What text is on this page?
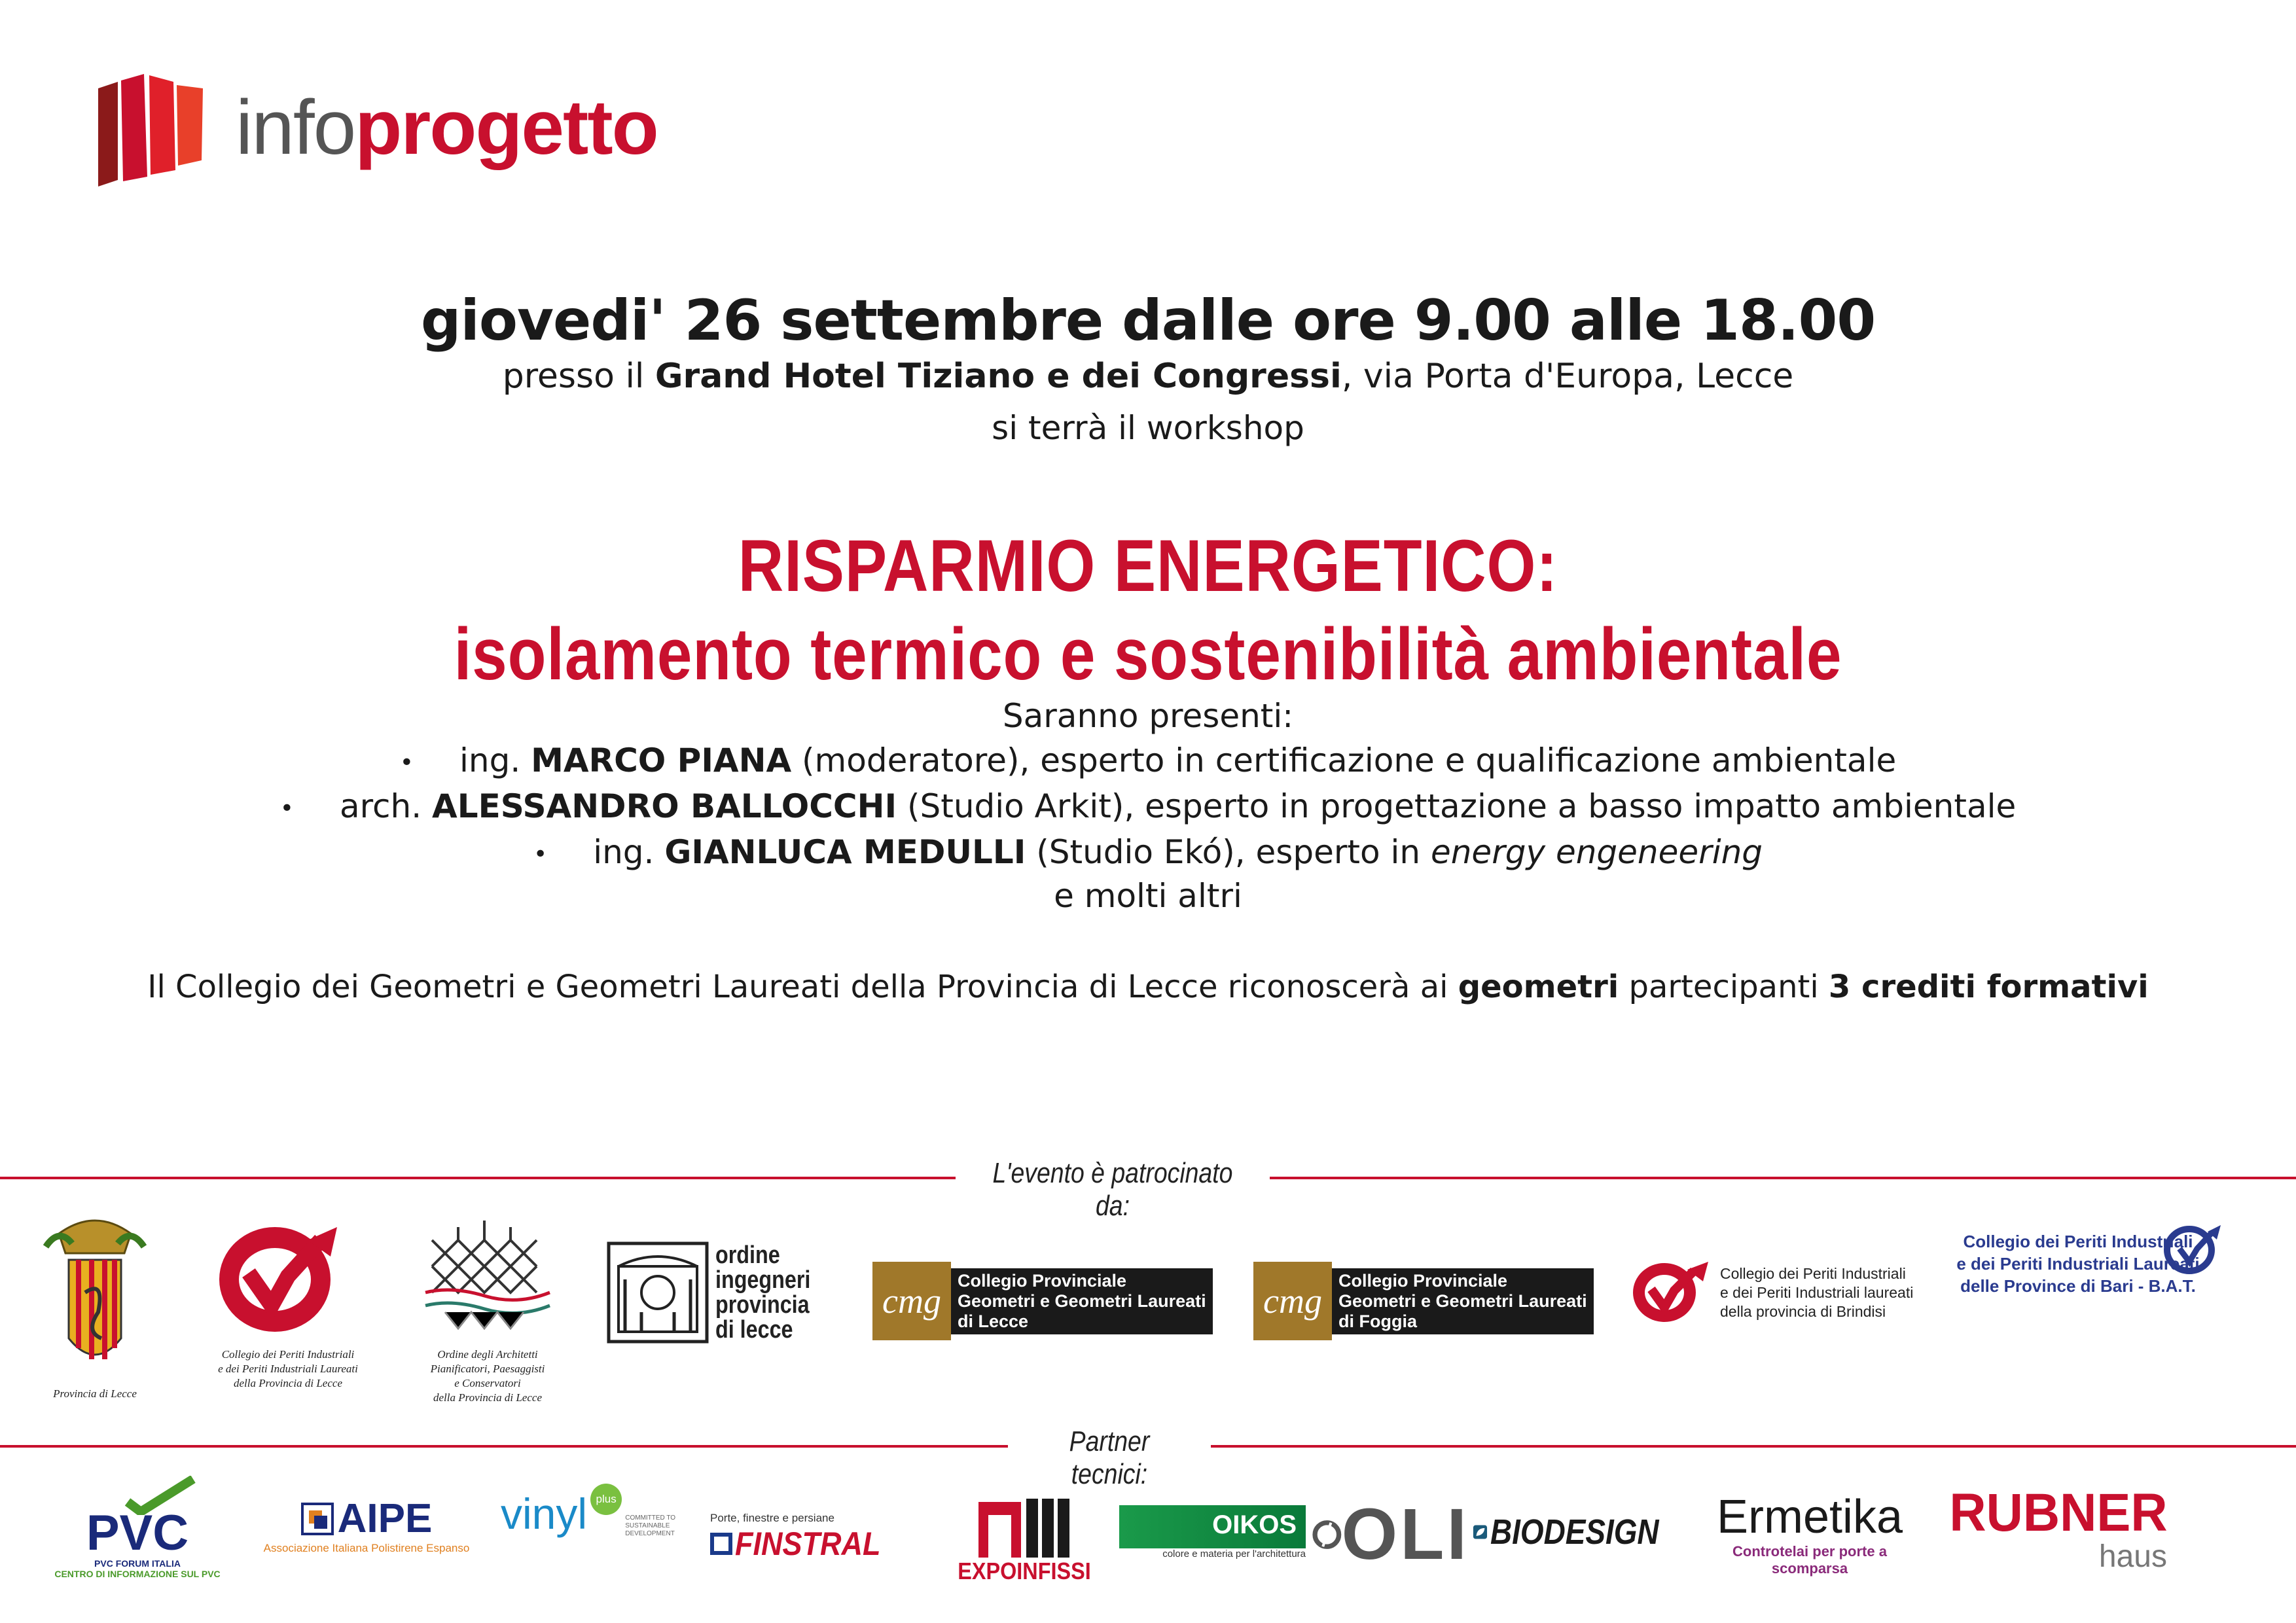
infoprogetto
giovedi' 26 settembre dalle ore 9.00 alle 18.00
presso il Grand Hotel Tiziano e dei Congressi, via Porta d'Europa, Lecce
si terrà il workshop
RISPARMIO ENERGETICO:
isolamento termico e sostenibilità ambientale
Saranno presenti:
• ing. MARCO PIANA (moderatore), esperto in certificazione e qualificazione ambientale
• arch. ALESSANDRO BALLOCCHI (Studio Arkit), esperto in progettazione a basso impatto ambientale
• ing. GIANLUCA MEDULLI (Studio Ekó), esperto in energy engeneering
e molti altri
Il Collegio dei Geometri e Geometri Laureati della Provincia di Lecce riconoscerà ai geometri partecipanti 3 crediti formativi
L'evento è patrocinato da:
Provincia di Lecce
Collegio dei Periti Industriali
e dei Periti Industriali Laureati
della Provincia di Lecce
Ordine degli Architetti
Pianificatori, Paesaggisti
e Conservatori
della Provincia di Lecce
ordine
ingegneri
provincia
di lecce
cmg
Collegio Provinciale
Geometri e Geometri Laureati
di Lecce
cmg
Collegio Provinciale
Geometri e Geometri Laureati
di Foggia
Collegio dei Periti Industriali
e dei Periti Industriali laureati
della provincia di Brindisi
Collegio dei Periti Industriali
e dei Periti Industriali Laureati
delle Province di Bari - B.A.T.
Partner tecnici:
PVC
PVC FORUM ITALIA
CENTRO DI INFORMAZIONE SUL PVC
AIPE
Associazione Italiana Polistirene Espanso
vinyl plus COMMITTED TO SUSTAINABLE DEVELOPMENT
Porte, finestre e persiane
FINSTRAL
EXPOINFISSI
OIKOS
colore e materia per l'architettura OLI BIODESIGN	Ermetika
Controtelai per porte a scomparsa
RUBNER
haus
